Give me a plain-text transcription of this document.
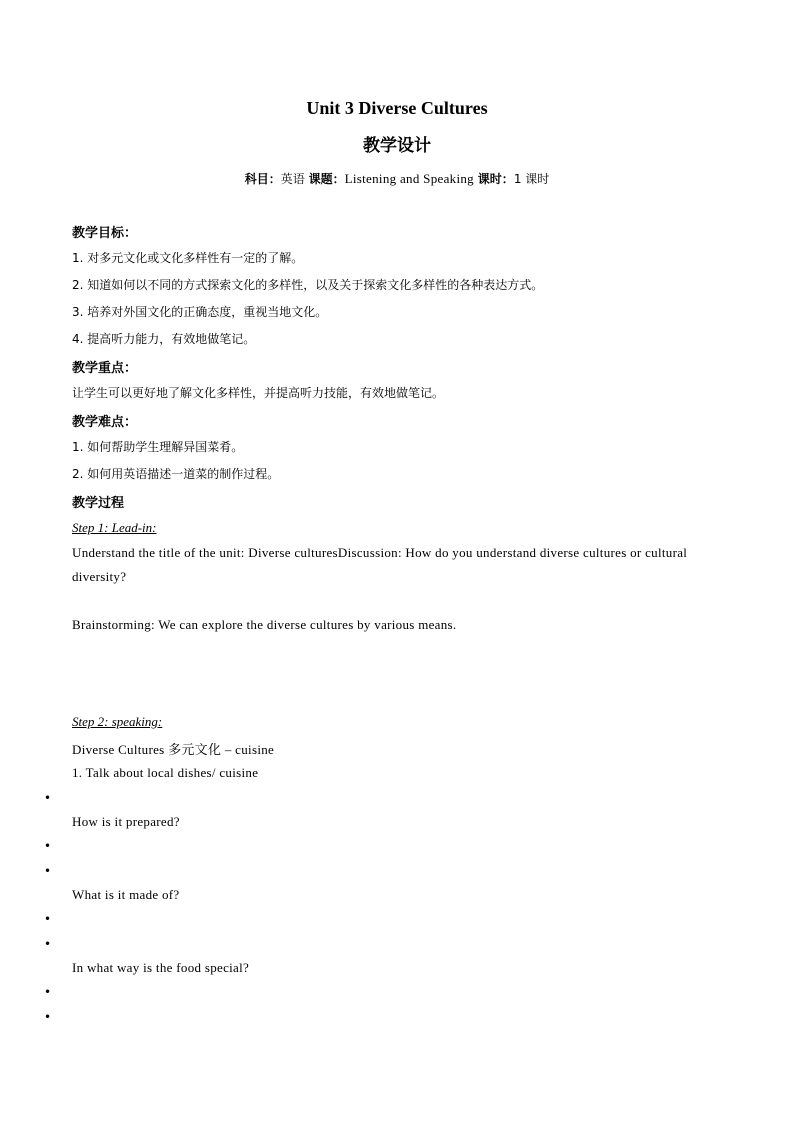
Unit 3 Diverse Cultures
教学设计
科目：英语 课题：Listening and Speaking 课时：1 课时
教学目标：
1. 对多元文化或文化多样性有一定的了解。
2. 知道如何以不同的方式探索文化的多样性，以及关于探索文化多样性的各种表达方式。
3. 培养对外国文化的正确态度，重视当地文化。
4. 提高听力能力，有效地做笔记。
教学重点：
让学生可以更好地了解文化多样性，并提高听力技能，有效地做笔记。
教学难点：
1. 如何帮助学生理解异国菜肴。
2. 如何用英语描述一道菜的制作过程。
教学过程
Step 1: Lead-in:
Understand the title of the unit: Diverse culturesDiscussion: How do you understand diverse cultures or cultural diversity?
Brainstorming: We can explore the diverse cultures by various means.
Step 2: speaking:
Diverse Cultures 多元文化 – cuisine
1. Talk about local dishes/ cuisine
•
How is it prepared?
•
•
What is it made of?
•
•
In what way is the food special?
•
•
